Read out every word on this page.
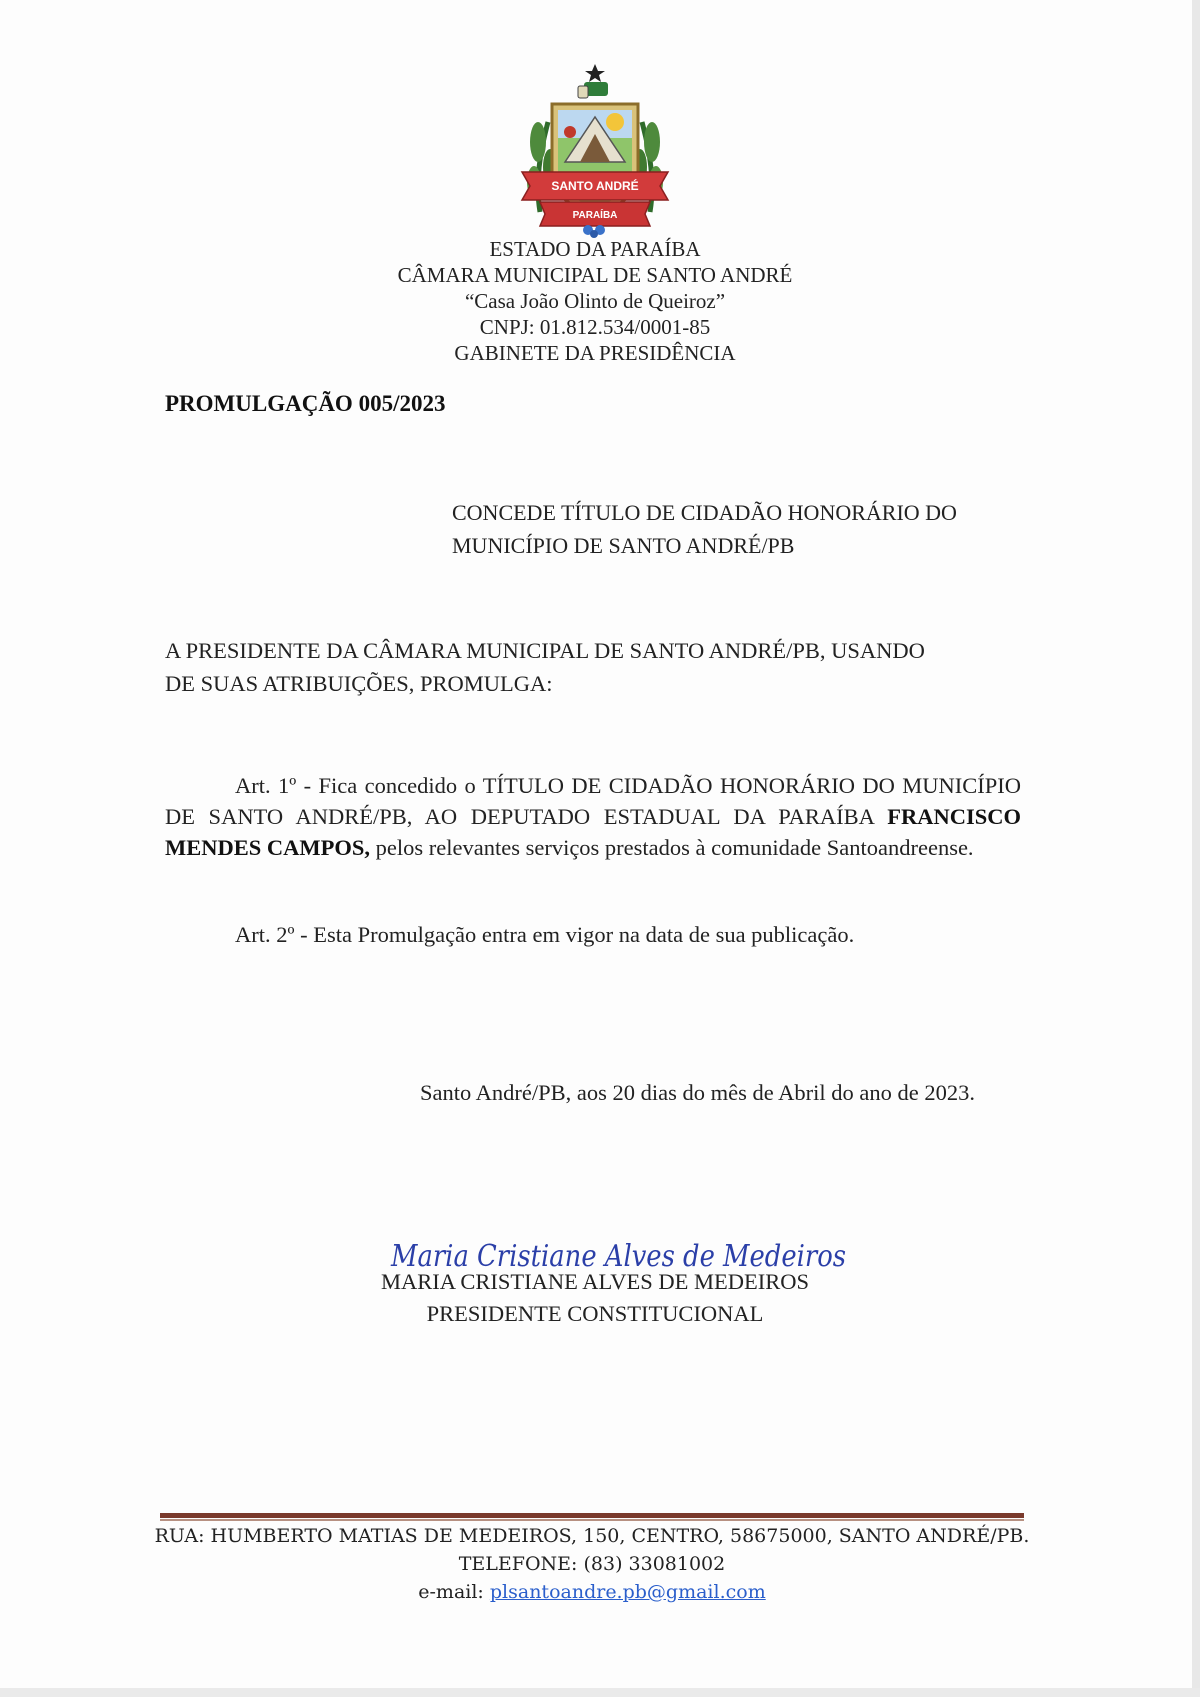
SANTO ANDRÉ
PARAÍBA
ESTADO DA PARAÍBA
CÂMARA MUNICIPAL DE SANTO ANDRÉ
“Casa João Olinto de Queiroz”
CNPJ: 01.812.534/0001-85
GABINETE DA PRESIDÊNCIA
PROMULGAÇÃO 005/2023
CONCEDE TÍTULO DE CIDADÃO HONORÁRIO DO
MUNICÍPIO DE SANTO ANDRÉ/PB
A PRESIDENTE DA CÂMARA MUNICIPAL DE SANTO ANDRÉ/PB, USANDO
DE SUAS ATRIBUIÇÕES, PROMULGA:
Art. 1º - Fica concedido o TÍTULO DE CIDADÃO HONORÁRIO DO MUNICÍPIO DE SANTO ANDRÉ/PB, AO DEPUTADO ESTADUAL DA PARAÍBA FRANCISCO MENDES CAMPOS, pelos relevantes serviços prestados à comunidade Santoandreense.
Art. 2º - Esta Promulgação entra em vigor na data de sua publicação.
Santo André/PB, aos 20 dias do mês de Abril do ano de 2023.
Maria Cristiane Alves de Medeiros
MARIA CRISTIANE ALVES DE MEDEIROS
PRESIDENTE CONSTITUCIONAL
RUA: HUMBERTO MATIAS DE MEDEIROS, 150, CENTRO, 58675000, SANTO ANDRÉ/PB.
TELEFONE: (83) 33081002
e-mail: plsantoandre.pb@gmail.com
